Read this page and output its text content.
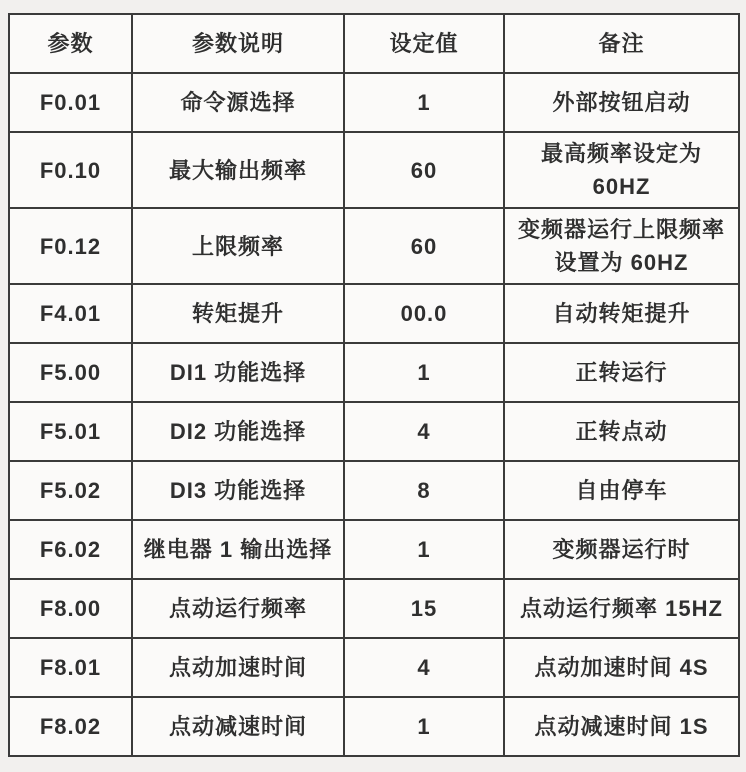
参数	参数说明	设定值	备注
F0.01	命令源选择	1	外部按钮启动
F0.10	最大输出频率	60	最高频率设定为 60HZ
F0.12	上限频率	60	变频器运行上限频率设置为 60HZ
F4.01	转矩提升	00.0	自动转矩提升
F5.00	DI1 功能选择	1	正转运行
F5.01	DI2 功能选择	4	正转点动
F5.02	DI3 功能选择	8	自由停车
F6.02	继电器 1 输出选择	1	变频器运行时
F8.00	点动运行频率	15	点动运行频率 15HZ
F8.01	点动加速时间	4	点动加速时间 4S
F8.02	点动减速时间	1	点动减速时间 1S
